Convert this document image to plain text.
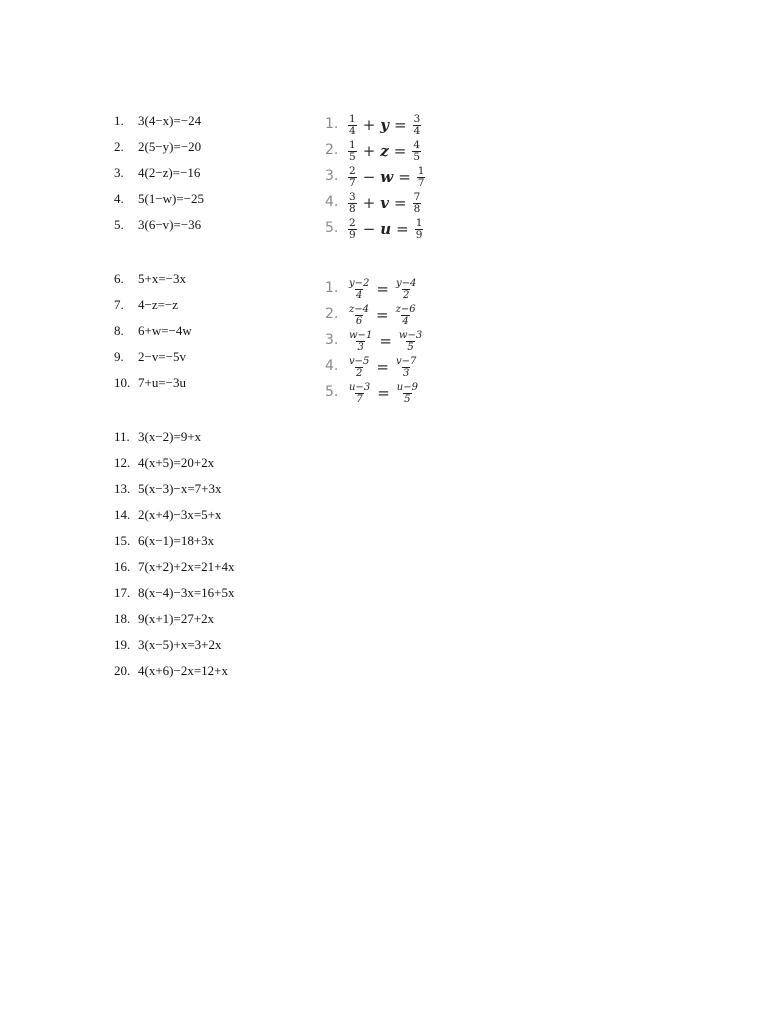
1.	3(4−x)=−24
2.	2(5−y)=−20
3.	4(2−z)=−16
4.	5(1−w)=−25
5.	3(6−v)=−36
6.	5+x=−3x
7.	4−z=−z
8.	6+w=−4w
9.	2−v=−5v
10. 7+u=−3u
11. 3(x−2)=9+x
12. 4(x+5)=20+2x
13. 5(x−3)−x=7+3x
14. 2(x+4)−3x=5+x
15. 6(x−1)=18+3x
16. 7(x+2)+2x=21+4x
17. 8(x−4)−3x=16+5x
18. 9(x+1)=27+2x
19. 3(x−5)+x=3+2x
20. 4(x+6)−2x=12+x
1. $\frac{1}{4} + y = \frac{3}{4}$
2. $\frac{1}{5} + z = \frac{4}{5}$
3. $\frac{2}{7} - w = \frac{1}{7}$
4. $\frac{3}{8} + v = \frac{7}{8}$
5. $\frac{2}{9} - u = \frac{1}{9}$
1. $\frac{y-2}{4} = \frac{y-4}{2}$
2. $\frac{z-4}{6} = \frac{z-6}{4}$
3. $\frac{w-1}{3} = \frac{w-3}{5}$
4. $\frac{v-5}{2} = \frac{v-7}{3}$
5. $\frac{u-3}{7} = \frac{u-9}{5}$
